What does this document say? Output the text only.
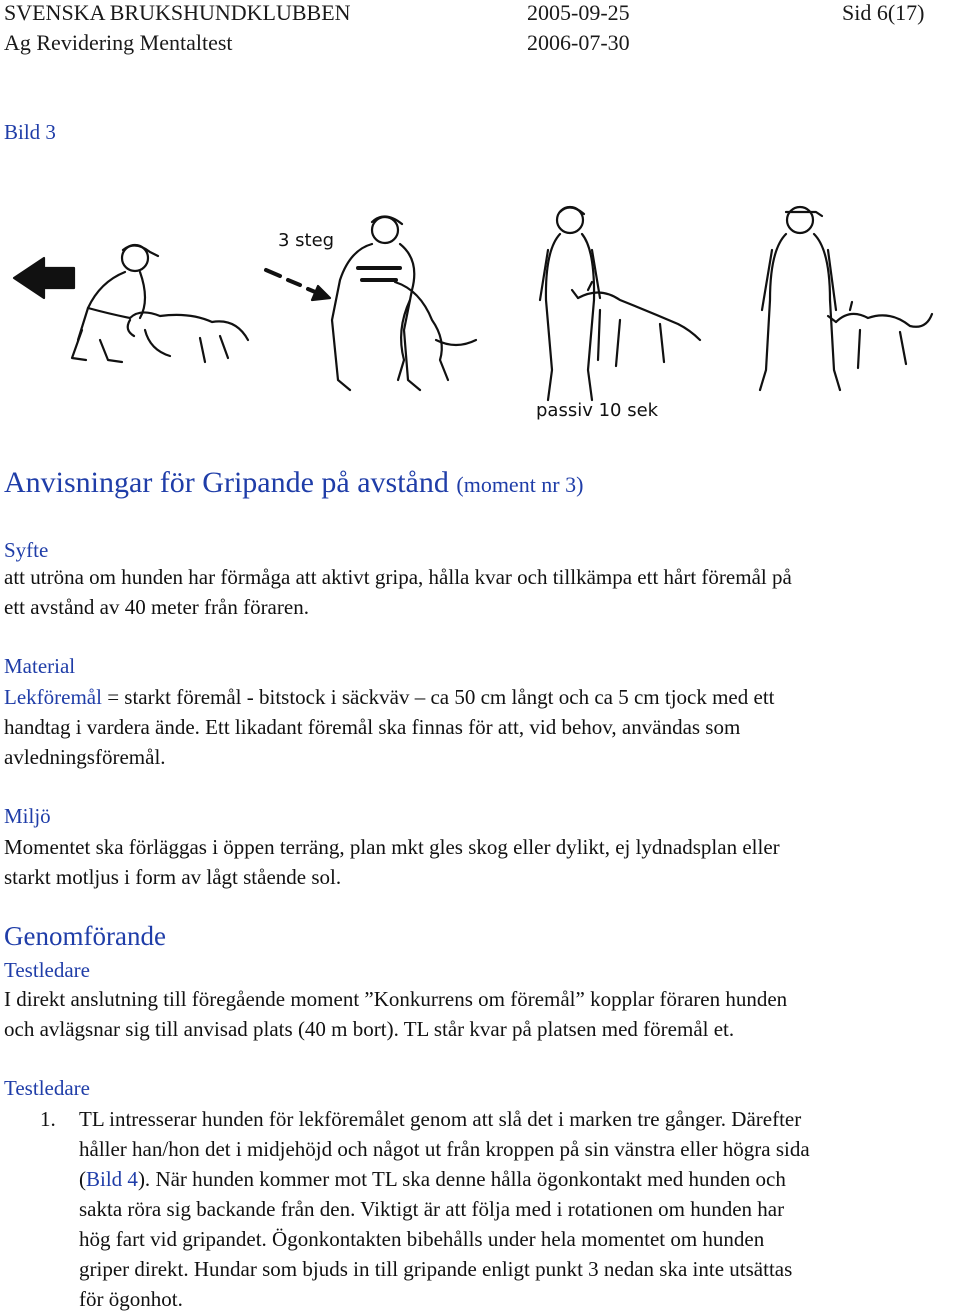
SVENSKA BRUKSHUNDKLUBBEN	2005-09-25	Sid 6(17)
Ag Revidering Mentaltest	2006-07-30
Bild 3
3 steg
passiv 10 sek
Anvisningar för Gripande på avstånd (moment nr 3)
Syfte
att utröna om hunden har förmåga att aktivt gripa, hålla kvar och tillkämpa ett hårt föremål på
ett avstånd av 40 meter från föraren.
Material
Lekföremål = starkt föremål - bitstock i säckväv – ca 50 cm långt och ca 5 cm tjock med ett
handtag i vardera ände. Ett likadant föremål ska finnas för att, vid behov, användas som
avledningsföremål.
Miljö
Momentet ska förläggas i öppen terräng, plan mkt gles skog eller dylikt, ej lydnadsplan eller
starkt motljus i form av lågt stående sol.
Genomförande
Testledare
I direkt anslutning till föregående moment ”Konkurrens om föremål” kopplar föraren hunden
och avlägsnar sig till anvisad plats (40 m bort). TL står kvar på platsen med föremål et.
Testledare
1. TL intresserar hunden för lekföremålet genom att slå det i marken tre gånger. Därefter
håller han/hon det i midjehöjd och något ut från kroppen på sin vänstra eller högra sida
(Bild 4). När hunden kommer mot TL ska denne hålla ögonkontakt med hunden och
sakta röra sig backande från den. Viktigt är att följa med i rotationen om hunden har
hög fart vid gripandet. Ögonkontakten bibehålls under hela momentet om hunden
griper direkt. Hundar som bjuds in till gripande enligt punkt 3 nedan ska inte utsättas
för ögonhot.
